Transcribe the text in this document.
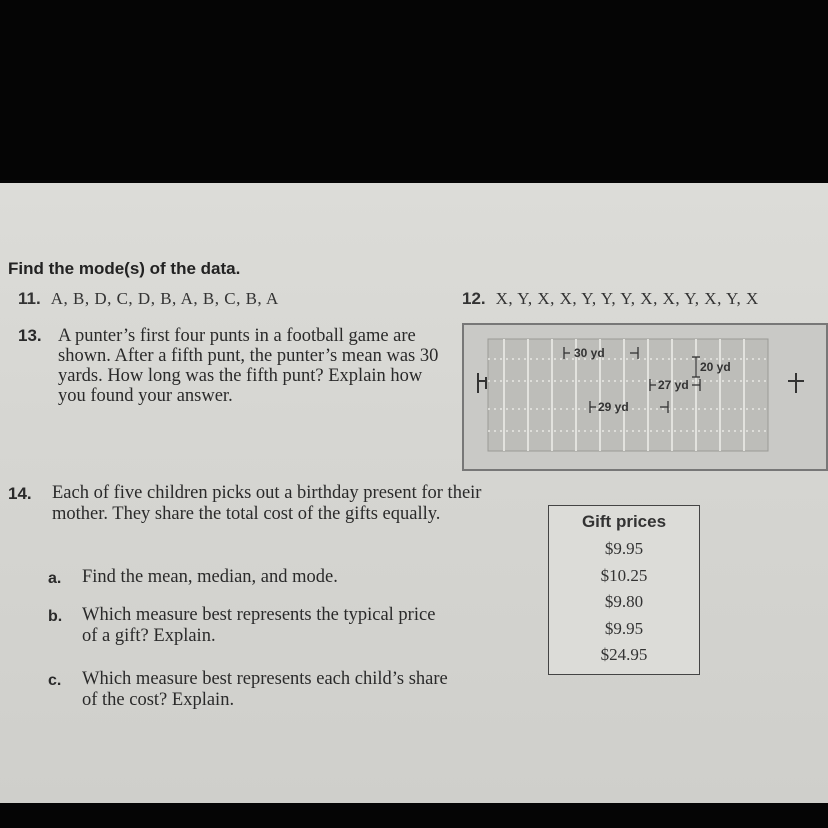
Find the mode(s) of the data.
11. A, B, D, C, D, B, A, B, C, B, A	12. X, Y, X, X, Y, Y, Y, X, X, Y, X, Y, X
13. A punter’s first four punts in a football game are shown. After a fifth punt, the punter’s mean was 30 yards. How long was the fifth punt? Explain how you found your answer.
30 yd
20 yd
27 yd
29 yd
14. Each of five children picks out a birthday present for their mother. They share the total cost of the gifts equally.
a. Find the mean, median, and mode.
b. Which measure best represents the typical price of a gift? Explain.
c. Which measure best represents each child’s share of the cost? Explain.
Gift prices
$9.95
$10.25
$9.80
$9.95
$24.95
